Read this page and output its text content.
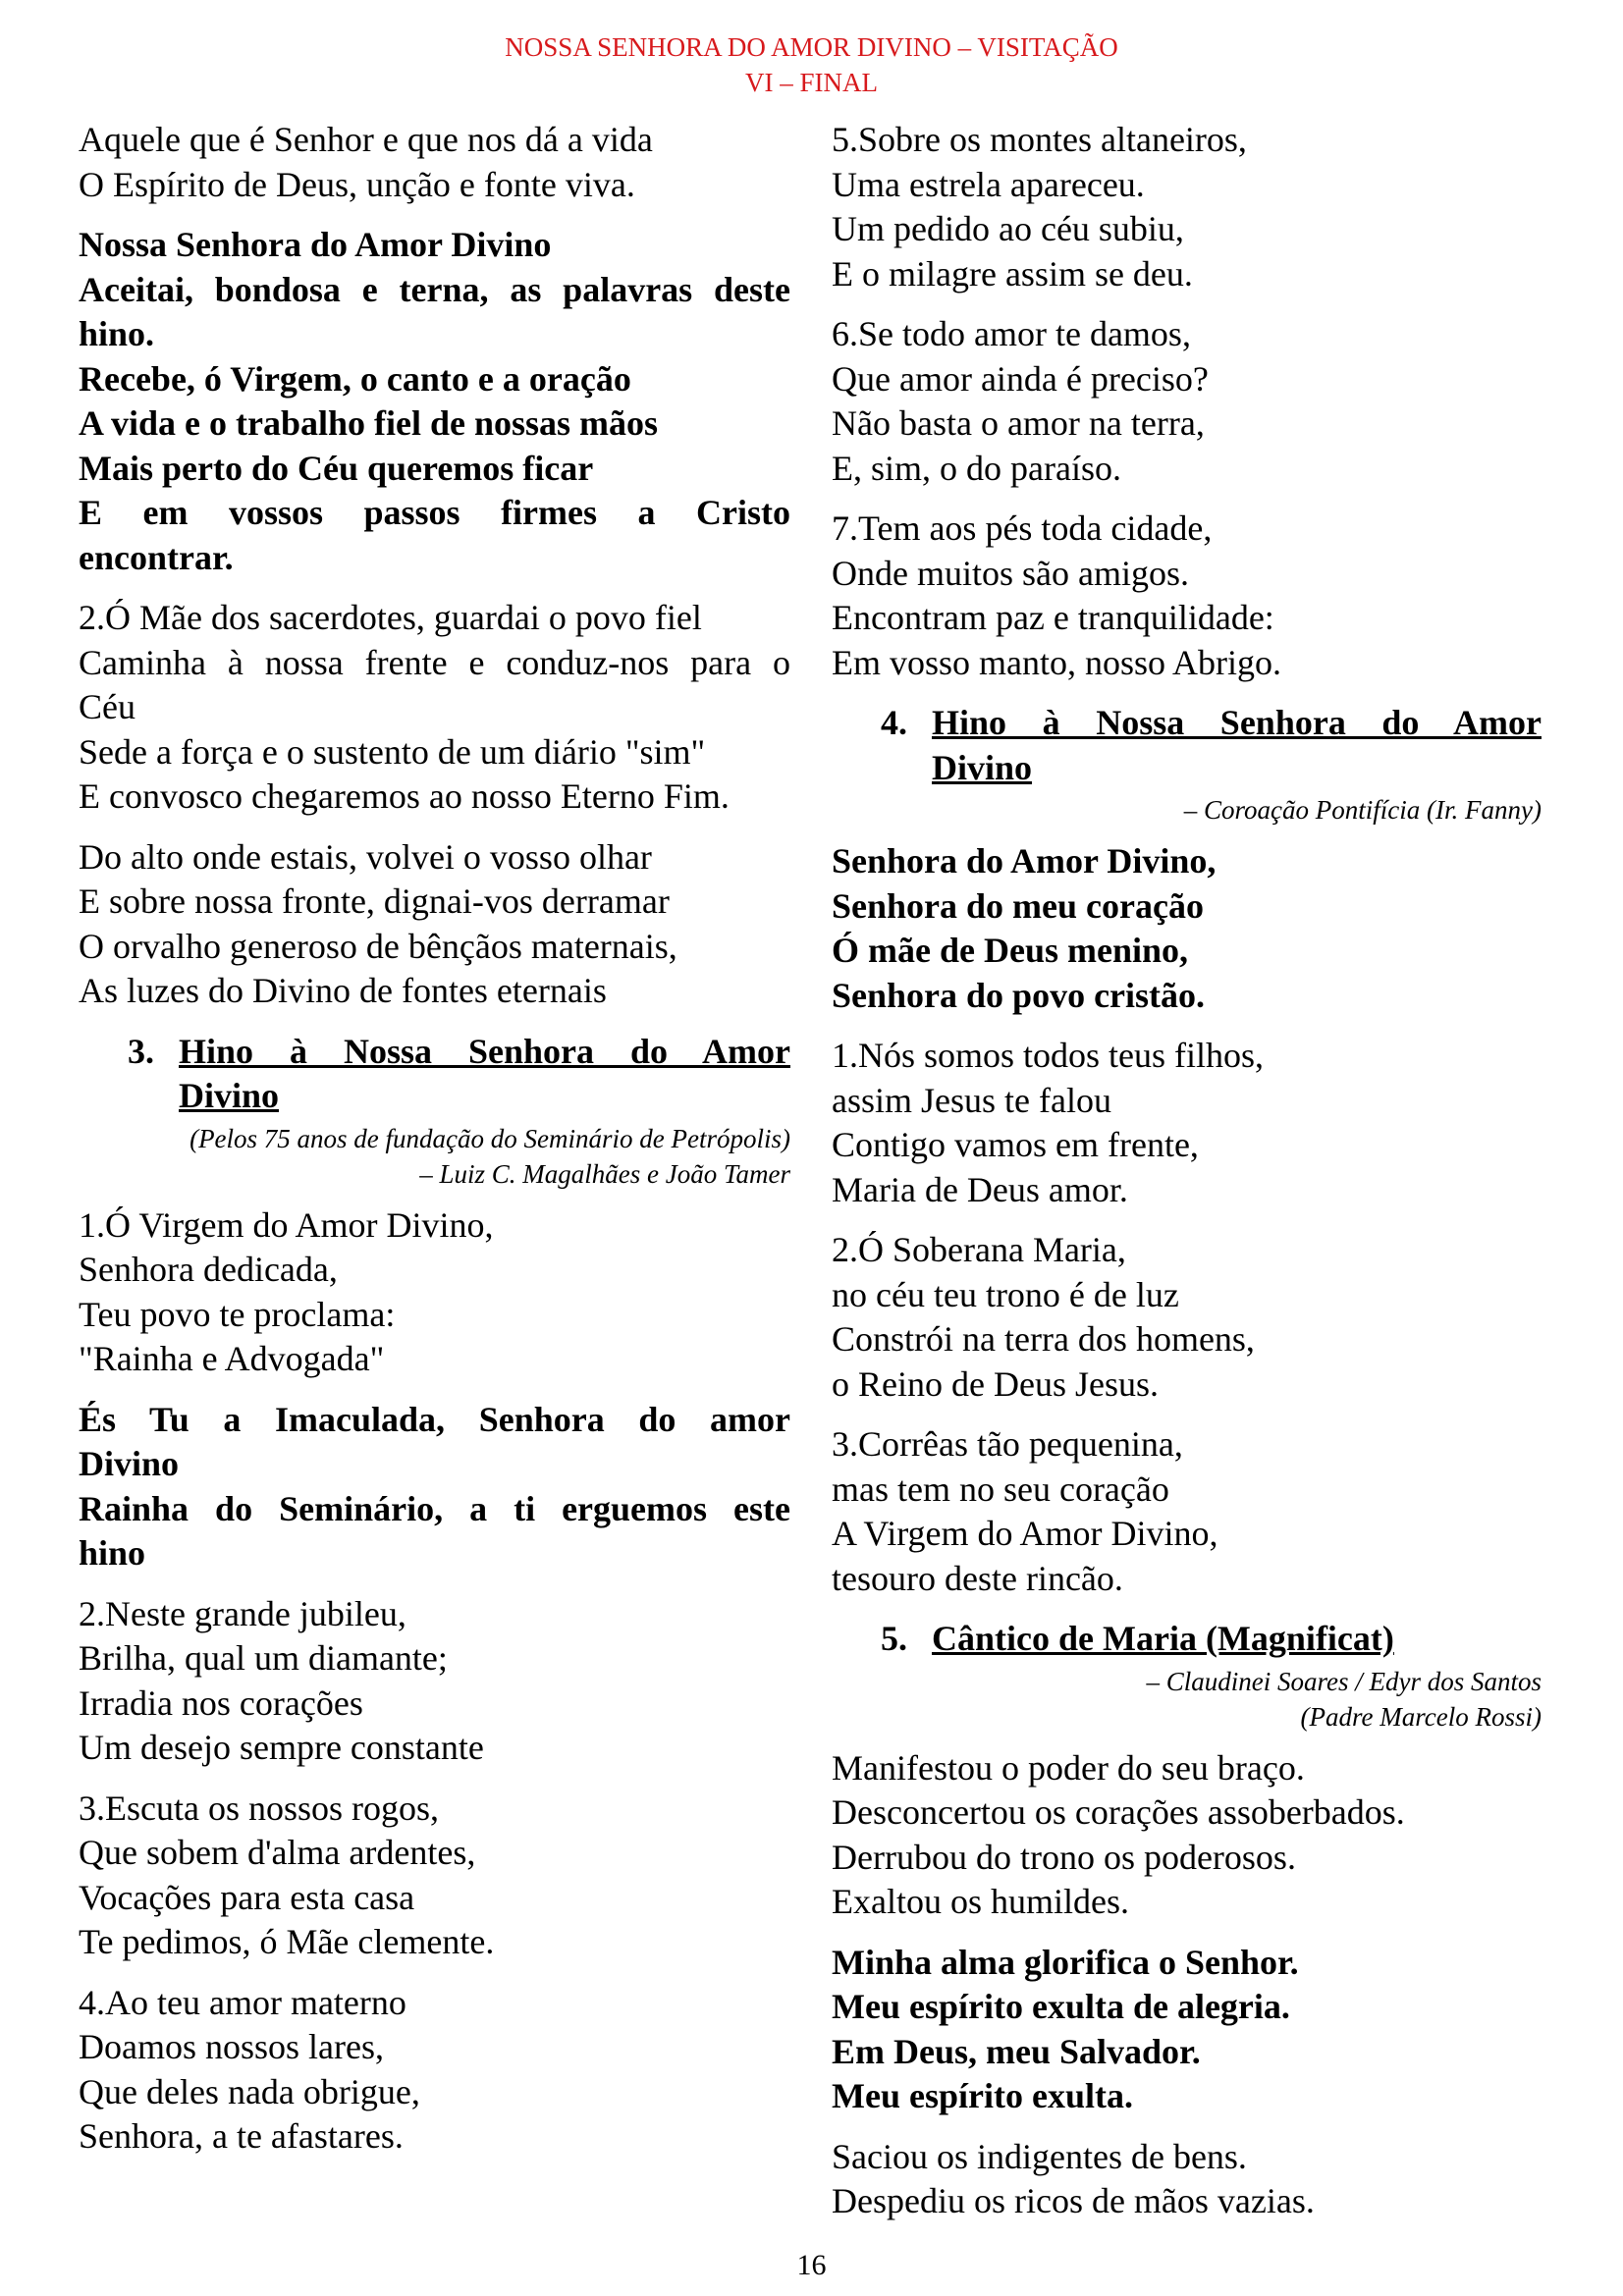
NOSSA SENHORA DO AMOR DIVINO – VISITAÇÃO
VI – FINAL
Aquele que é Senhor e que nos dá a vida
O Espírito de Deus, unção e fonte viva.
Nossa Senhora do Amor Divino
Aceitai, bondosa e terna, as palavras deste
hino.
Recebe, ó Virgem, o canto e a oração
A vida e o trabalho fiel de nossas mãos
Mais perto do Céu queremos ficar
E em vossos passos firmes a Cristo
encontrar.
2.Ó Mãe dos sacerdotes, guardai o povo fiel
Caminha à nossa frente e conduz-nos para o
Céu
Sede a força e o sustento de um diário "sim"
E convosco chegaremos ao nosso Eterno Fim.
Do alto onde estais, volvei o vosso olhar
E sobre nossa fronte, dignai-vos derramar
O orvalho generoso de bênçãos maternais,
As luzes do Divino de fontes eternais
3. Hino à Nossa Senhora do Amor
Divino
(Pelos 75 anos de fundação do Seminário de Petrópolis)
– Luiz C. Magalhães e João Tamer
1.Ó Virgem do Amor Divino,
Senhora dedicada,
Teu povo te proclama:
"Rainha e Advogada"
És Tu a Imaculada, Senhora do amor
Divino
Rainha do Seminário, a ti erguemos este
hino
2.Neste grande jubileu,
Brilha, qual um diamante;
Irradia nos corações
Um desejo sempre constante
3.Escuta os nossos rogos,
Que sobem d'alma ardentes,
Vocações para esta casa
Te pedimos, ó Mãe clemente.
4.Ao teu amor materno
Doamos nossos lares,
Que deles nada obrigue,
Senhora, a te afastares.
5.Sobre os montes altaneiros,
Uma estrela apareceu.
Um pedido ao céu subiu,
E o milagre assim se deu.
6.Se todo amor te damos,
Que amor ainda é preciso?
Não basta o amor na terra,
E, sim, o do paraíso.
7.Tem aos pés toda cidade,
Onde muitos são amigos.
Encontram paz e tranquilidade:
Em vosso manto, nosso Abrigo.
4. Hino à Nossa Senhora do Amor
Divino
– Coroação Pontifícia (Ir. Fanny)
Senhora do Amor Divino,
Senhora do meu coração
Ó mãe de Deus menino,
Senhora do povo cristão.
1.Nós somos todos teus filhos,
assim Jesus te falou
Contigo vamos em frente,
Maria de Deus amor.
2.Ó Soberana Maria,
no céu teu trono é de luz
Constrói na terra dos homens,
o Reino de Deus Jesus.
3.Corrêas tão pequenina,
mas tem no seu coração
A Virgem do Amor Divino,
tesouro deste rincão.
5. Cântico de Maria (Magnificat)
– Claudinei Soares / Edyr dos Santos
(Padre Marcelo Rossi)
Manifestou o poder do seu braço.
Desconcertou os corações assoberbados.
Derrubou do trono os poderosos.
Exaltou os humildes.
Minha alma glorifica o Senhor.
Meu espírito exulta de alegria.
Em Deus, meu Salvador.
Meu espírito exulta.
Saciou os indigentes de bens.
Despediu os ricos de mãos vazias.
16
